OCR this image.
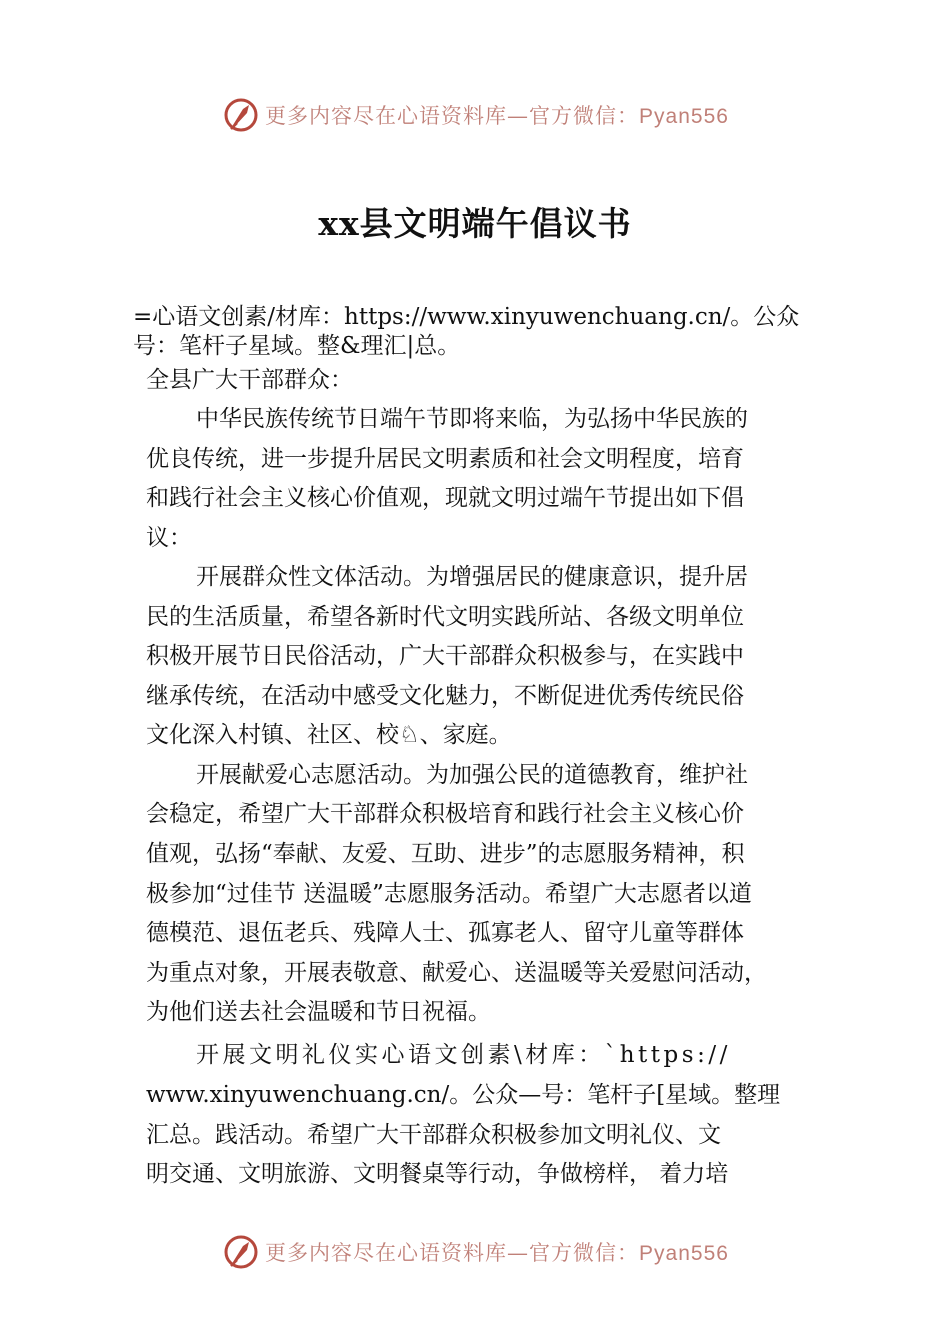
更多内容尽在心语资料库—官方微信：Pyan556
xx县文明端午倡议书
=心语文创素/材库：https://www.xinyuwenchuang.cn/。公众
号：笔杆子星域。整&理汇|总。
全县广大干部群众：
中华民族传统节日端午节即将来临，为弘扬中华民族的
优良传统，进一步提升居民文明素质和社会文明程度，培育
和践行社会主义核心价值观，现就文明过端午节提出如下倡
议：
开展群众性文体活动。为增强居民的健康意识，提升居
民的生活质量，希望各新时代文明实践所站、各级文明单位
积极开展节日民俗活动，广大干部群众积极参与，在实践中
继承传统，在活动中感受文化魅力，不断促进优秀传统民俗
文化深入村镇、社区、校♘、家庭。
开展献爱心志愿活动。为加强公民的道德教育，维护社
会稳定，希望广大干部群众积极培育和践行社会主义核心价
值观，弘扬“奉献、友爱、互助、进步”的志愿服务精神，积
极参加“过佳节 送温暖”志愿服务活动。希望广大志愿者以道
德模范、退伍老兵、残障人士、孤寡老人、留守儿童等群体
为重点对象，开展表敬意、献爱心、送温暖等关爱慰问活动，
为他们送去社会温暖和节日祝福。
开展文明礼仪实心语文创素\材库：`https://
www.xinyuwenchuang.cn/。公众—号：笔杆子[星域。整理
汇总。践活动。希望广大干部群众积极参加文明礼仪、文
明交通、文明旅游、文明餐桌等行动，争做榜样， 着力培
更多内容尽在心语资料库—官方微信：Pyan556
